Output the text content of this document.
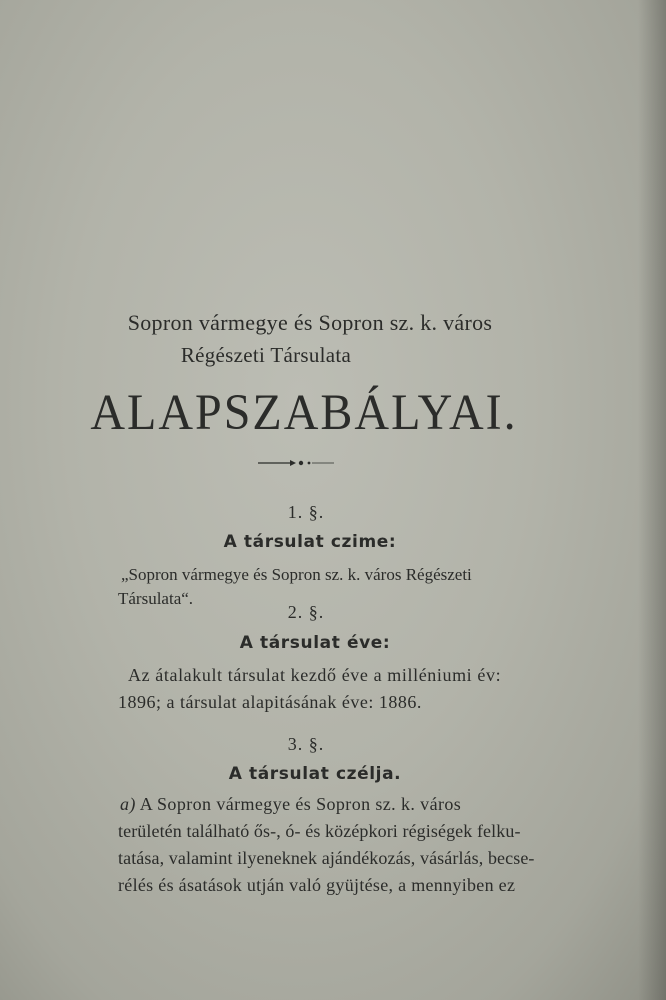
Sopron vármegye és Sopron sz. k. város
Régészeti Társulata
ALAPSZABÁLYAI.
1. §.
A társulat czime:
„Sopron vármegye és Sopron sz. k. város Régészeti
Társulata“.
2. §.
A társulat éve:
Az átalakult társulat kezdő éve a milléniumi év:
1896; a társulat alapitásának éve: 1886.
3. §.
A társulat czélja.
a) A Sopron vármegye és Sopron sz. k. város
területén található ős-, ó- és középkori régiségek felku-
tatása, valamint ilyeneknek ajándékozás, vásárlás, becse-
rélés és ásatások utján való gyüjtése, a mennyiben ez
